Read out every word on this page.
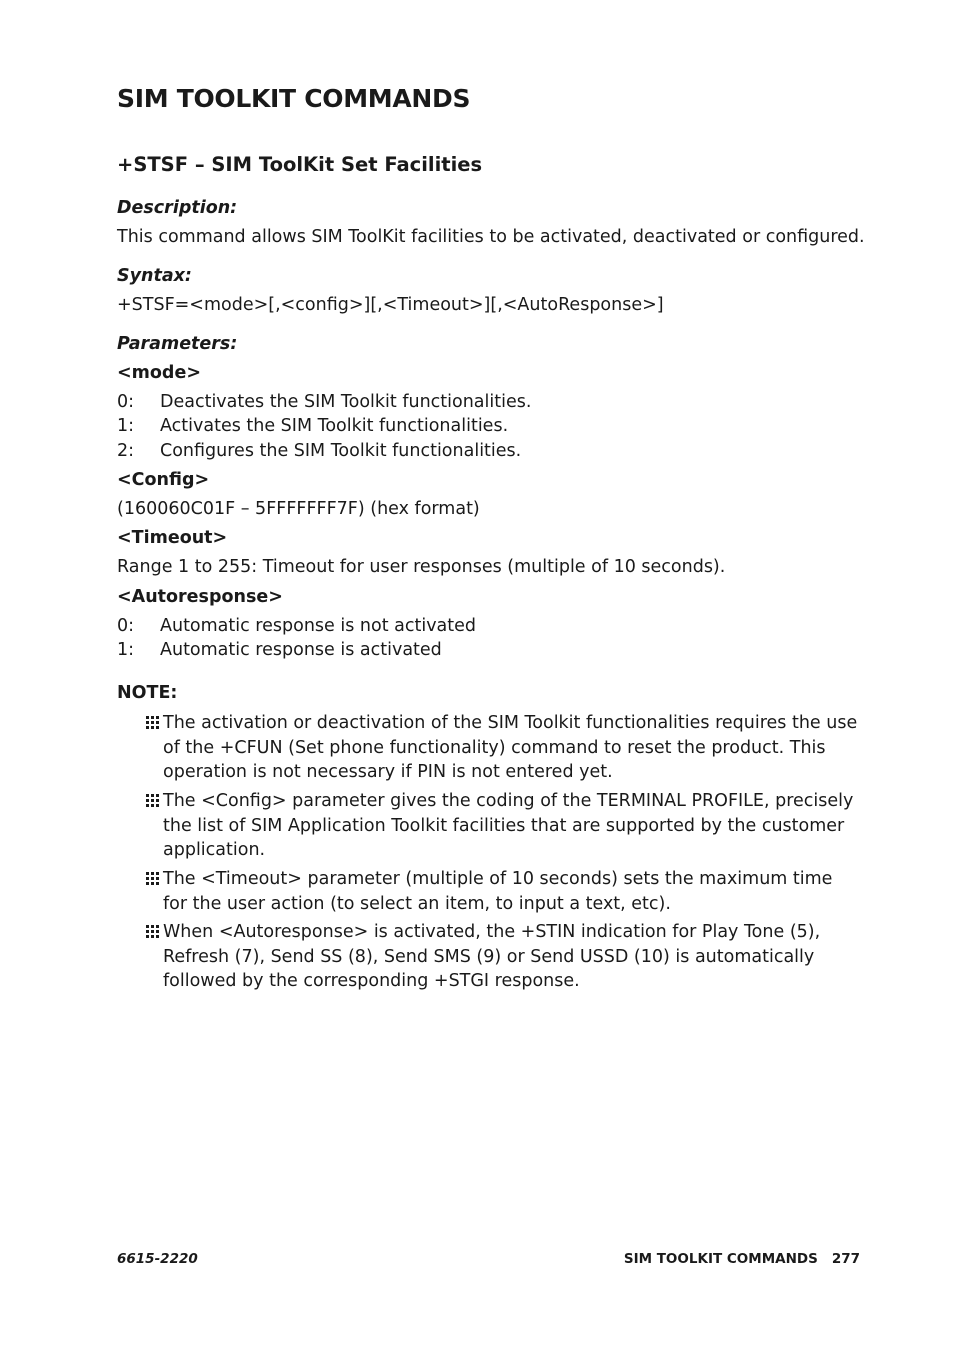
SIM TOOLKIT COMMANDS
+STSF – SIM ToolKit Set Facilities
Description:
This command allows SIM ToolKit facilities to be activated, deactivated or configured.
Syntax:
+STSF=<mode>[,<config>][,<Timeout>][,<AutoResponse>]
Parameters:
<mode>
0: Deactivates the SIM Toolkit functionalities.
1: Activates the SIM Toolkit functionalities.
2: Configures the SIM Toolkit functionalities.
<Config>
(160060C01F – 5FFFFFFF7F) (hex format)
<Timeout>
Range 1 to 255: Timeout for user responses (multiple of 10 seconds).
<Autoresponse>
0: Automatic response is not activated
1: Automatic response is activated
NOTE:
The activation or deactivation of the SIM Toolkit functionalities requires the use of the +CFUN (Set phone functionality) command to reset the product. This operation is not necessary if PIN is not entered yet.
The <Config> parameter gives the coding of the TERMINAL PROFILE, precisely the list of SIM Application Toolkit facilities that are supported by the customer application.
The <Timeout> parameter (multiple of 10 seconds) sets the maximum time for the user action (to select an item, to input a text, etc).
When <Autoresponse> is activated, the +STIN indication for Play Tone (5), Refresh (7), Send SS (8), Send SMS (9) or Send USSD (10) is automatically followed by the corresponding +STGI response.
6615-2220	SIM TOOLKIT COMMANDS 277
